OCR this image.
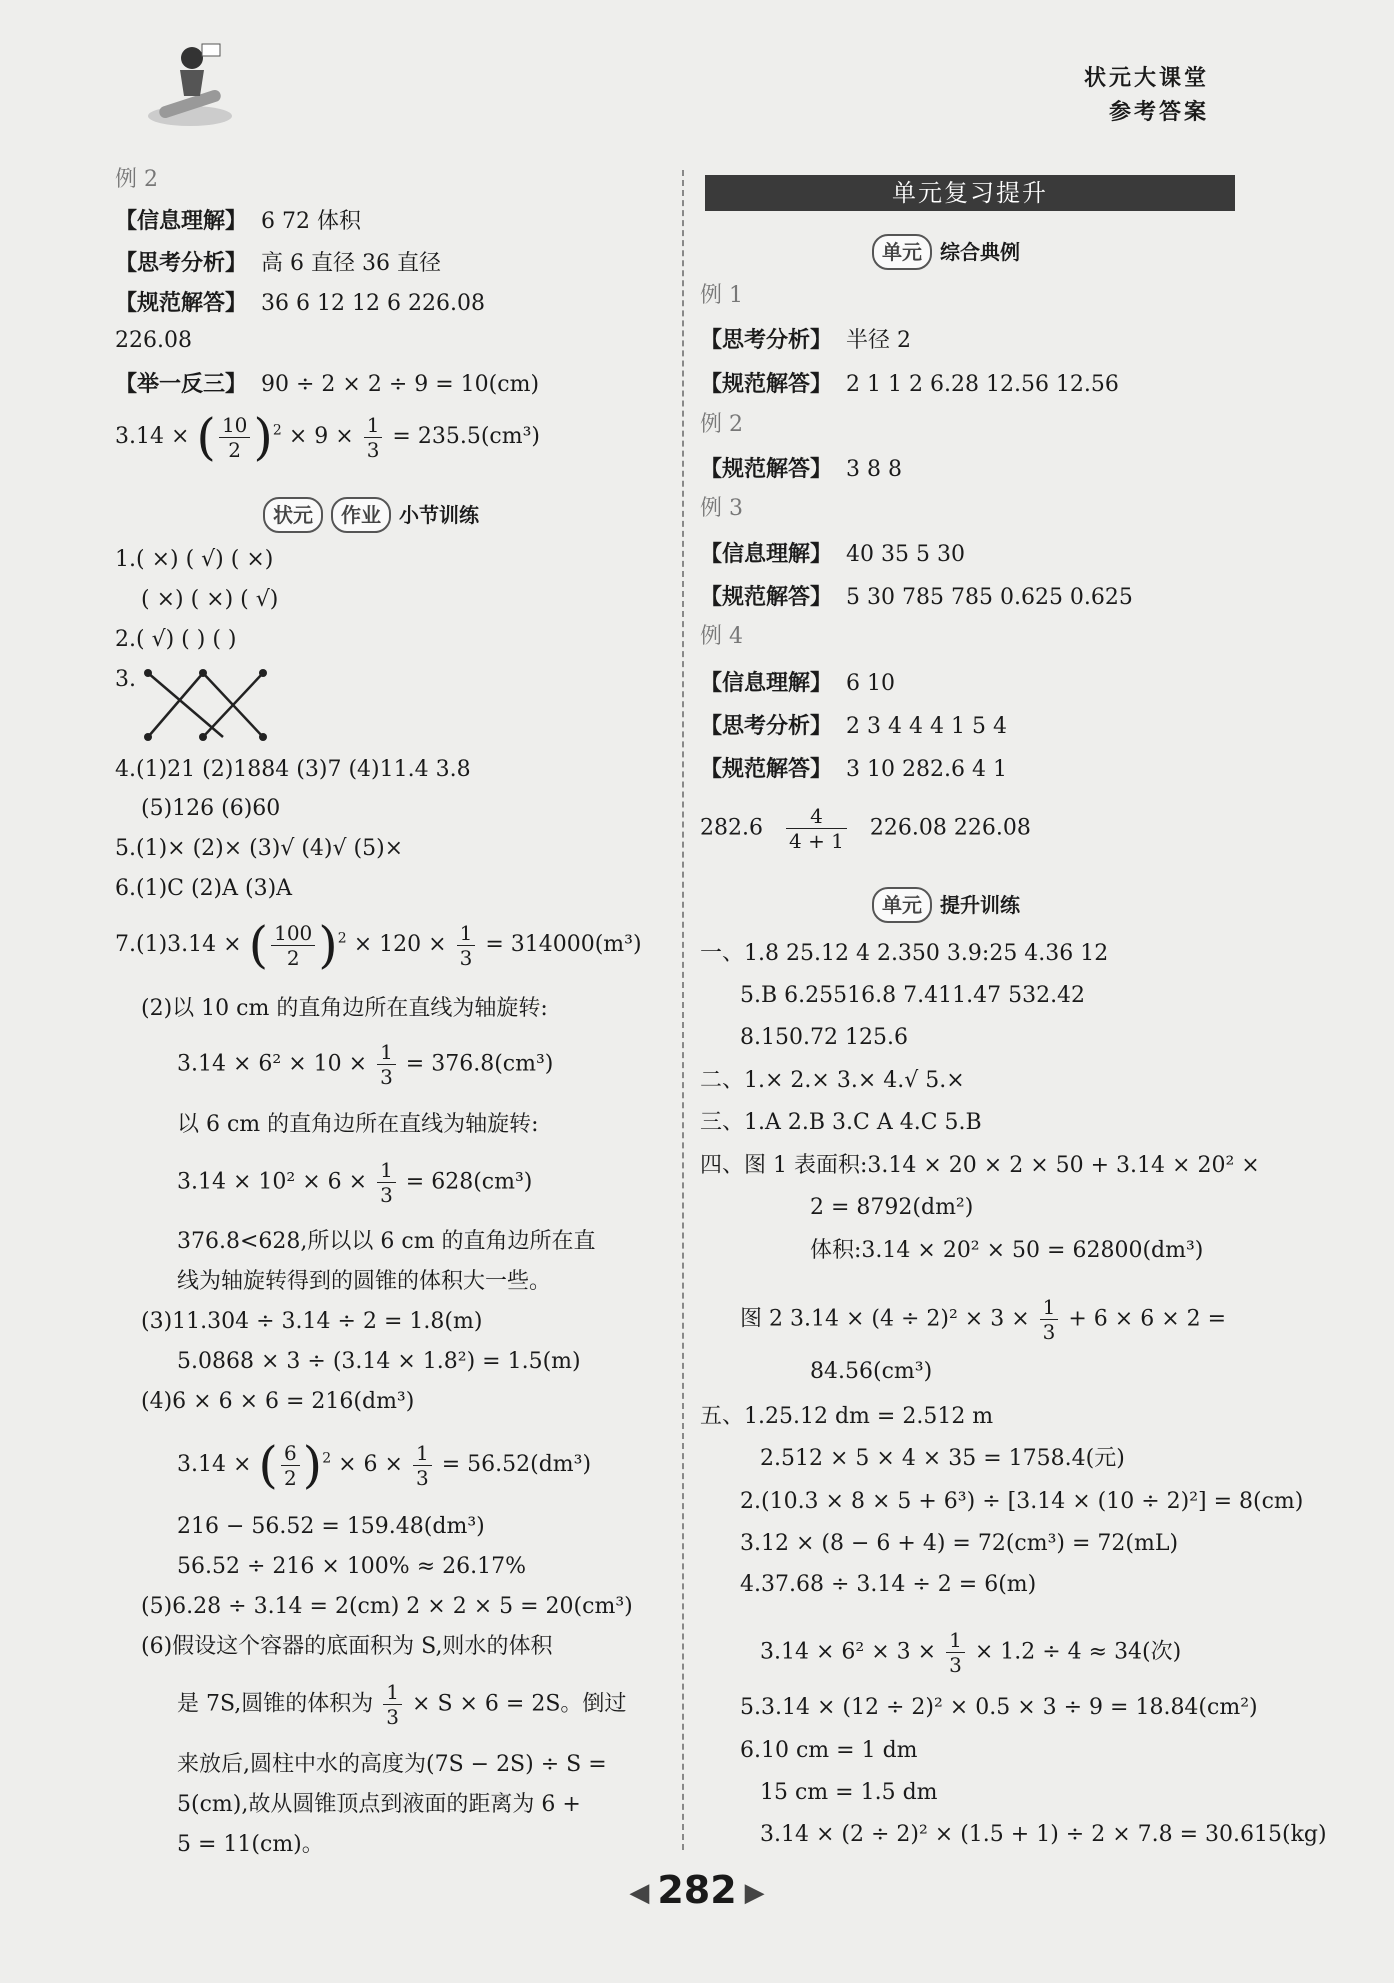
状元大课堂
参考答案
例 2
【信息理解】 6 72 体积
【思考分析】 高 6 直径 36 直径
【规范解答】 36 6 12 12 6 226.08
226.08
【举一反三】 90 ÷ 2 × 2 ÷ 9 = 10(cm)
3.14 × ( $\frac{10}{2} )^2 \times 9 \times \frac{1}{3} = 235.5(cm^3)$
状元 作业 小节训练
1.( ×) ( √) ( ×)
( ×) ( ×) ( √)
2.( √) ( ) ( )
3.
4.(1)21 (2)1884 (3)7 (4)11.4 3.8
(5)126 (6)60
5.(1)× (2)× (3)√ (4)√ (5)×
6.(1)C (2)A (3)A
7.(1)3.14 × ( $\frac{100}{2} )^2 \times 120 \times \frac{1}{3} = 314000(m^3)$
(2)以 10 cm 的直角边所在直线为轴旋转:
$3.14 \times 6^2 \times 10 \times \frac{1}{3} = 376.8(cm^3)$
以 6 cm 的直角边所在直线为轴旋转:
$3.14 \times 10^2 \times 6 \times \frac{1}{3} = 628(cm^3)$
376.8<628,所以以 6 cm 的直角边所在直
线为轴旋转得到的圆锥的体积大一些。
(3)11.304 ÷ 3.14 ÷ 2 = 1.8(m)
5.0868 × 3 ÷ (3.14 × 1.8²) = 1.5(m)
(4)6 × 6 × 6 = 216(dm³)
3.14 × ( $\frac{6}{2} )^2 \times 6 \times \frac{1}{3} = 56.52(dm^3)$
216 − 56.52 = 159.48(dm³)
56.52 ÷ 216 × 100% ≈ 26.17%
(5)6.28 ÷ 3.14 = 2(cm) 2 × 2 × 5 = 20(cm³)
(6)假设这个容器的底面积为 S,则水的体积
是 7S,圆锥的体积为 $\frac{1}{3} \times S \times 6 = 2S$。倒过
来放后,圆柱中水的高度为(7S − 2S) ÷ S =
5(cm),故从圆锥顶点到液面的距离为 6 +
5 = 11(cm)。
单元复习提升
单元 综合典例
例 1
【思考分析】 半径 2
【规范解答】 2 1 1 2 6.28 12.56 12.56
例 2
【规范解答】 3 8 8
例 3
【信息理解】 40 35 5 30
【规范解答】 5 30 785 785 0.625 0.625
例 4
【信息理解】 6 10
【思考分析】 2 3 4 4 4 1 5 4
【规范解答】 3 10 282.6 4 1
$282.6 \frac{4}{4 + 1} 226.08$ 226.08
单元 提升训练
一、1.8 25.12 4 2.350 3.9:25 4.36 12
5.B 6.25516.8 7.411.47 532.42
8.150.72 125.6
二、1.× 2.× 3.× 4.√ 5.×
三、1.A 2.B 3.C A 4.C 5.B
四、图 1 表面积:3.14 × 20 × 2 × 50 + 3.14 × 20² ×
2 = 8792(dm²)
体积:3.14 × 20² × 50 = 62800(dm³)
图 2 $3.14 \times (4 \div 2)^2 \times 3 \times \frac{1}{3} + 6 \times 6 \times 2$ =
84.56(cm³)
五、1.25.12 dm = 2.512 m
2.512 × 5 × 4 × 35 = 1758.4(元)
2.(10.3 × 8 × 5 + 6³) ÷ [3.14 × (10 ÷ 2)²] = 8(cm)
3.12 × (8 − 6 + 4) = 72(cm³) = 72(mL)
4.37.68 ÷ 3.14 ÷ 2 = 6(m)
$3.14 \times 6^2 \times 3 \times \frac{1}{3} \times 1.2 \div 4 \approx 34$(次)
5.3.14 × (12 ÷ 2)² × 0.5 × 3 ÷ 9 = 18.84(cm²)
6.10 cm = 1 dm
15 cm = 1.5 dm
3.14 × (2 ÷ 2)² × (1.5 + 1) ÷ 2 × 7.8 = 30.615(kg)
◀ 282 ▶
